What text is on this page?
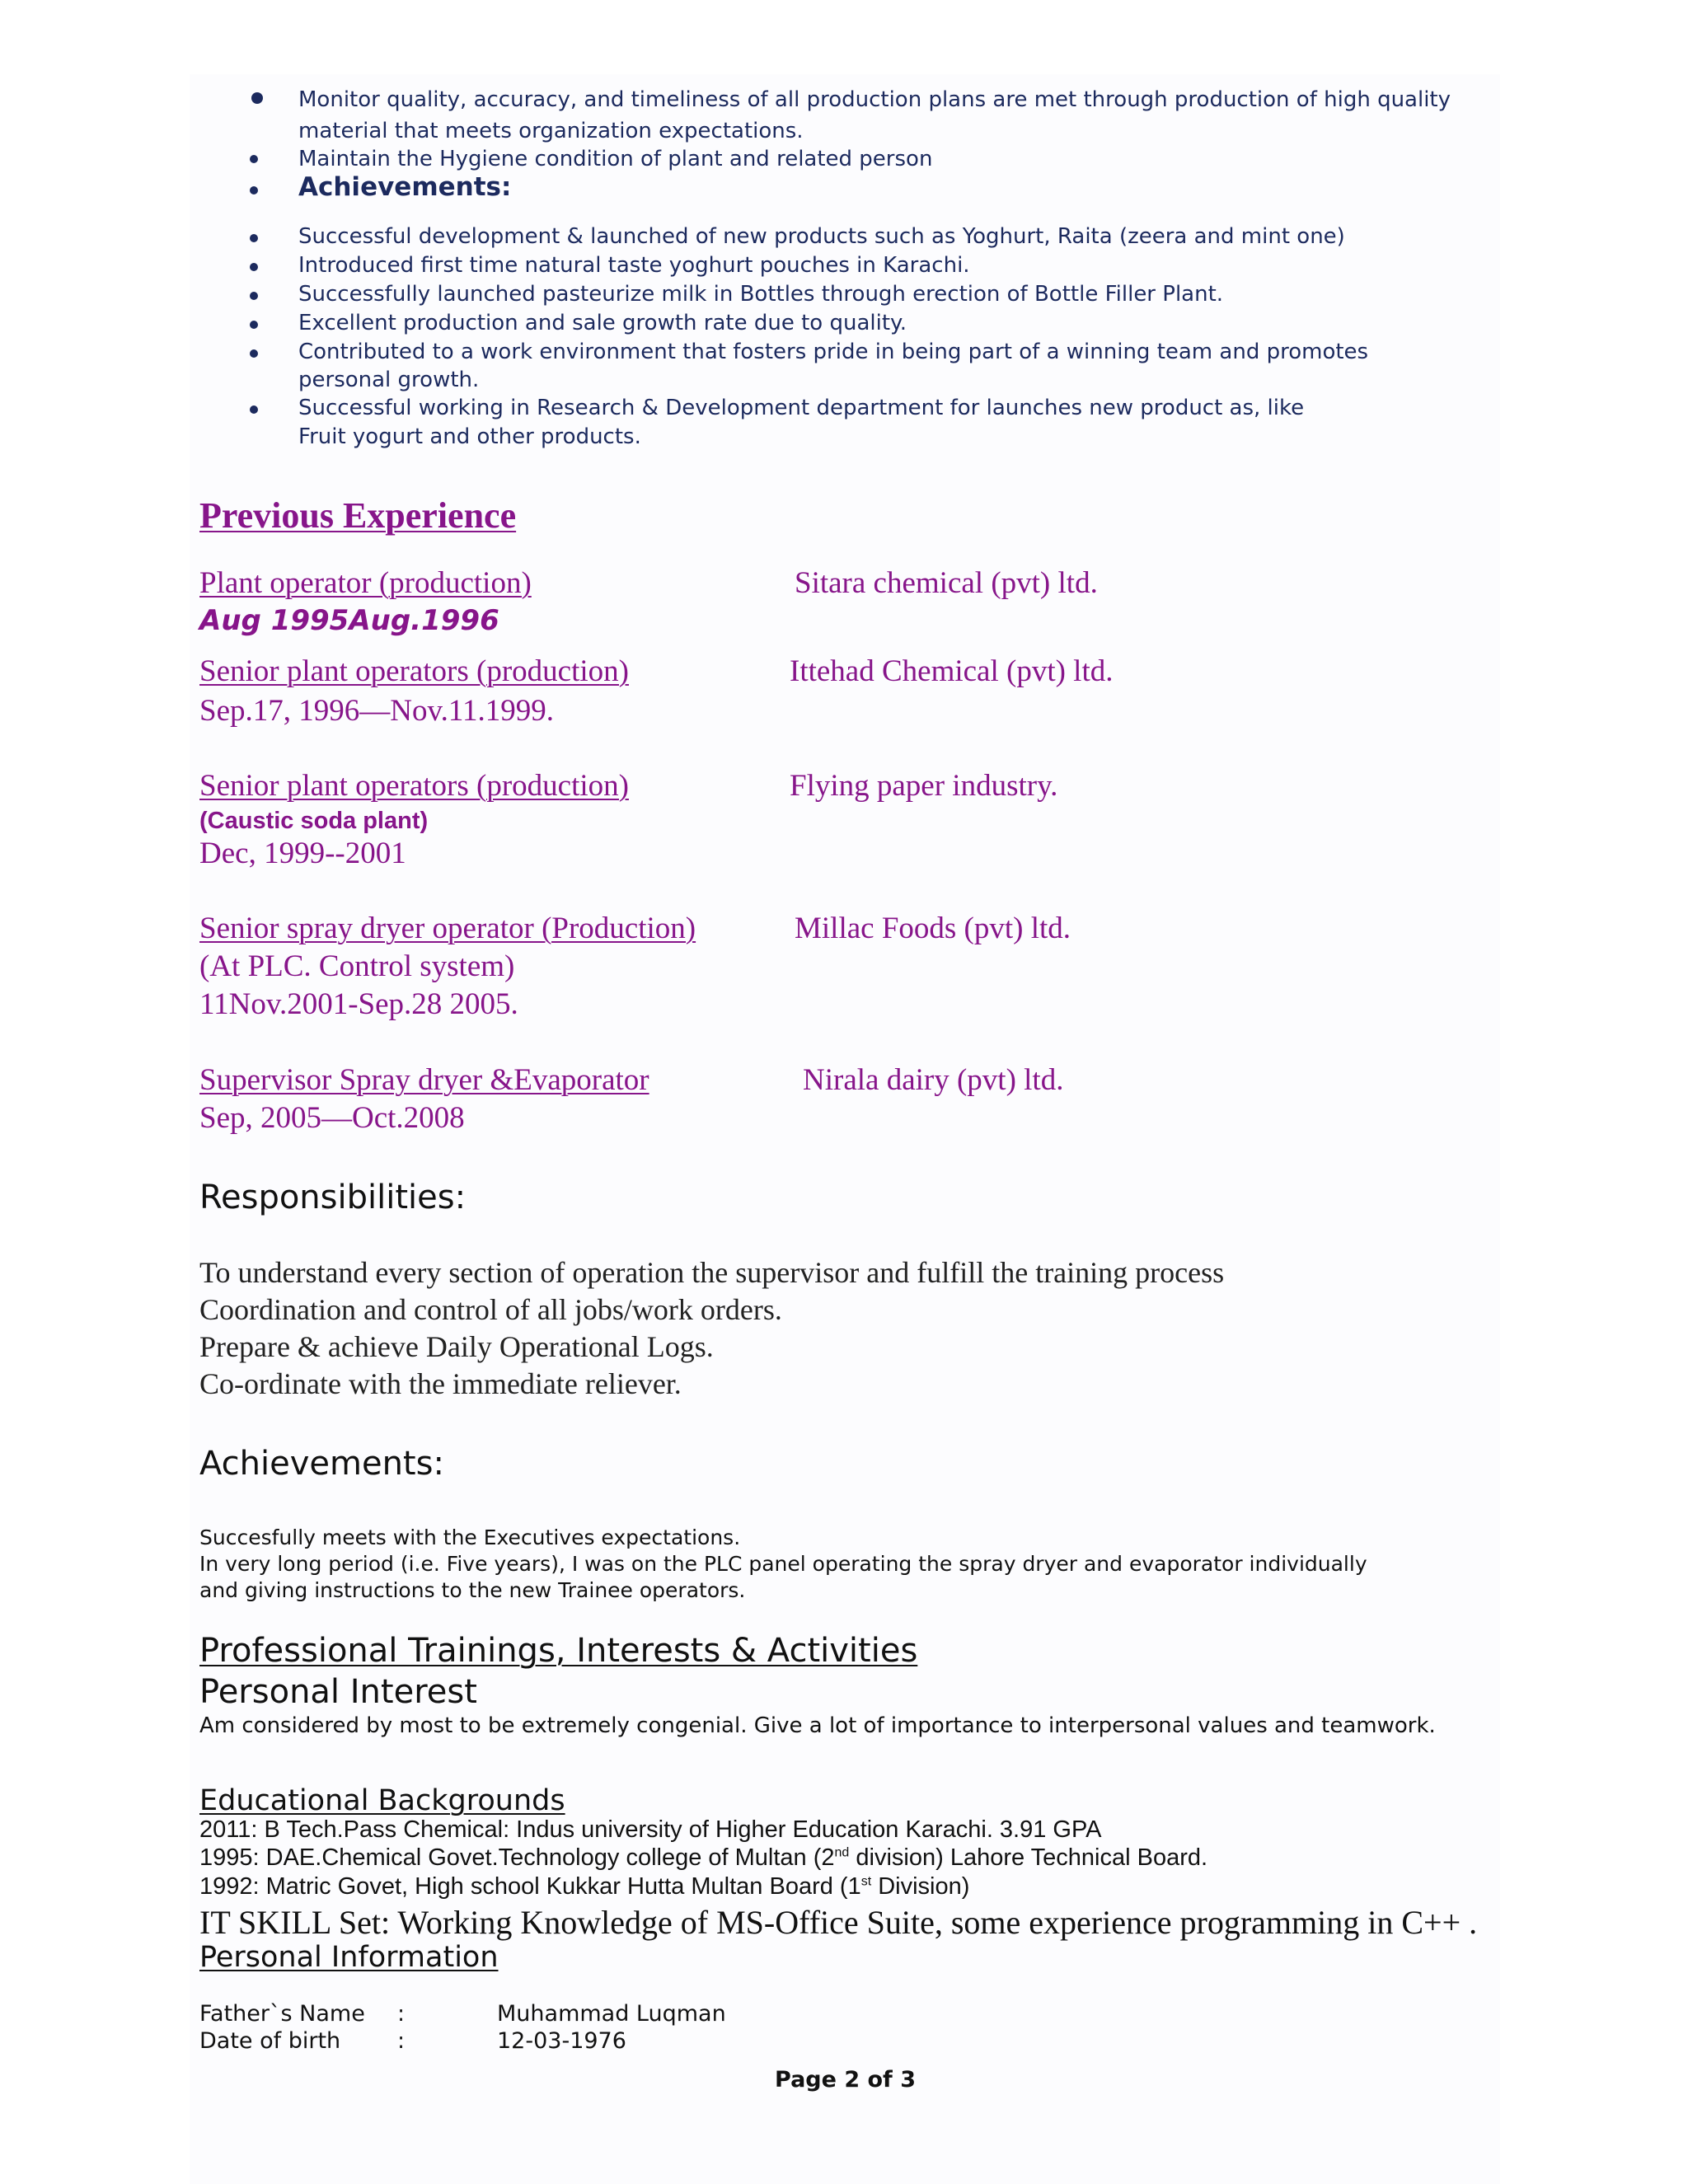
Monitor quality, accuracy, and timeliness of all production plans are met through production of high quality
material that meets organization expectations.
Maintain the Hygiene condition of plant and related person
Achievements:
Successful development & launched of new products such as Yoghurt, Raita (zeera and mint one)
Introduced first time natural taste yoghurt pouches in Karachi.
Successfully launched pasteurize milk in Bottles through erection of Bottle Filler Plant.
Excellent production and sale growth rate due to quality.
Contributed to a work environment that fosters pride in being part of a winning team and promotes
personal growth.
Successful working in Research & Development department for launches new product as, like
Fruit yogurt and other products.
Previous Experience
Plant operator (production)	Sitara chemical (pvt) ltd.
Aug 1995Aug.1996
Senior plant operators (production)	Ittehad Chemical (pvt) ltd.
Sep.17, 1996—Nov.11.1999.
Senior plant operators (production)	Flying paper industry.
(Caustic soda plant)
Dec, 1999--2001
Senior spray dryer operator (Production)	Millac Foods (pvt) ltd.
(At PLC. Control system)
11Nov.2001-Sep.28 2005.
Supervisor Spray dryer &Evaporator	Nirala dairy (pvt) ltd.
Sep, 2005—Oct.2008
Responsibilities:
To understand every section of operation the supervisor and fulfill the training process
Coordination and control of all jobs/work orders.
Prepare & achieve Daily Operational Logs.
Co-ordinate with the immediate reliever.
Achievements:
Succesfully meets with the Executives expectations.
In very long period (i.e. Five years), I was on the PLC panel operating the spray dryer and evaporator individually
and giving instructions to the new Trainee operators.
Professional Trainings, Interests & Activities
Personal Interest
Am considered by most to be extremely congenial. Give a lot of importance to interpersonal values and teamwork.
Educational Backgrounds
2011: B Tech.Pass Chemical: Indus university of Higher Education Karachi. 3.91 GPA
1995: DAE.Chemical Govet.Technology college of Multan (2nd division) Lahore Technical Board.
1992: Matric Govet, High school Kukkar Hutta Multan Board (1st Division)
IT SKILL Set: Working Knowledge of MS-Office Suite, some experience programming in C++ .
Personal Information
Father`s Name :	Muhammad Luqman
Date of birth	:	12-03-1976
Page 2 of 3
